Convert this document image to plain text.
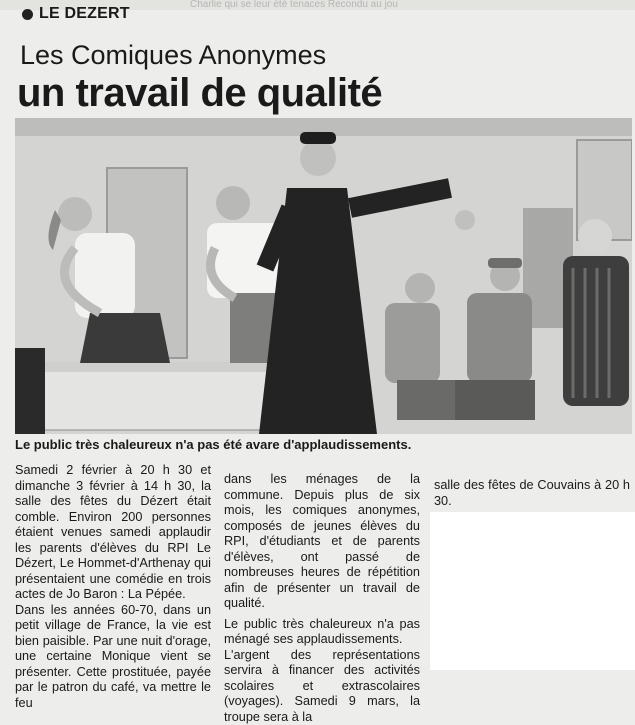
Charlie qui se leur été tenaces Recondu au jou
LE DEZERT
Les Comiques Anonymes
un travail de qualité
Le public très chaleureux n'a pas été avare d'applaudissements.

Samedi 2 février à 20 h 30 et dimanche 3 février à 14 h 30, la salle des fêtes du Dézert était comble. Environ 200 personnes étaient venues samedi applaudir les parents d'élèves du RPI Le Dézert, Le Hommet-d'Arthenay qui présentaient une comédie en trois actes de Jo Baron : La Pépée.

Dans les années 60-70, dans un petit village de France, la vie est bien paisible. Par une nuit d'orage, une certaine Monique vient se présenter. Cette prostituée, payée par le patron du café, va mettre le feu

dans les ménages de la commune. Depuis plus de six mois, les comiques anonymes, composés de jeunes élèves du RPI, d'étudiants et de parents d'élèves, ont passé de nombreuses heures de répétition afin de présenter un travail de qualité.

Le public très chaleureux n'a pas ménagé ses applaudissements.

L'argent des représentations servira à financer des activités scolaires et extrascolaires (voyages). Samedi 9 mars, la troupe sera à la

salle des fêtes de Couvains à 20 h 30.
